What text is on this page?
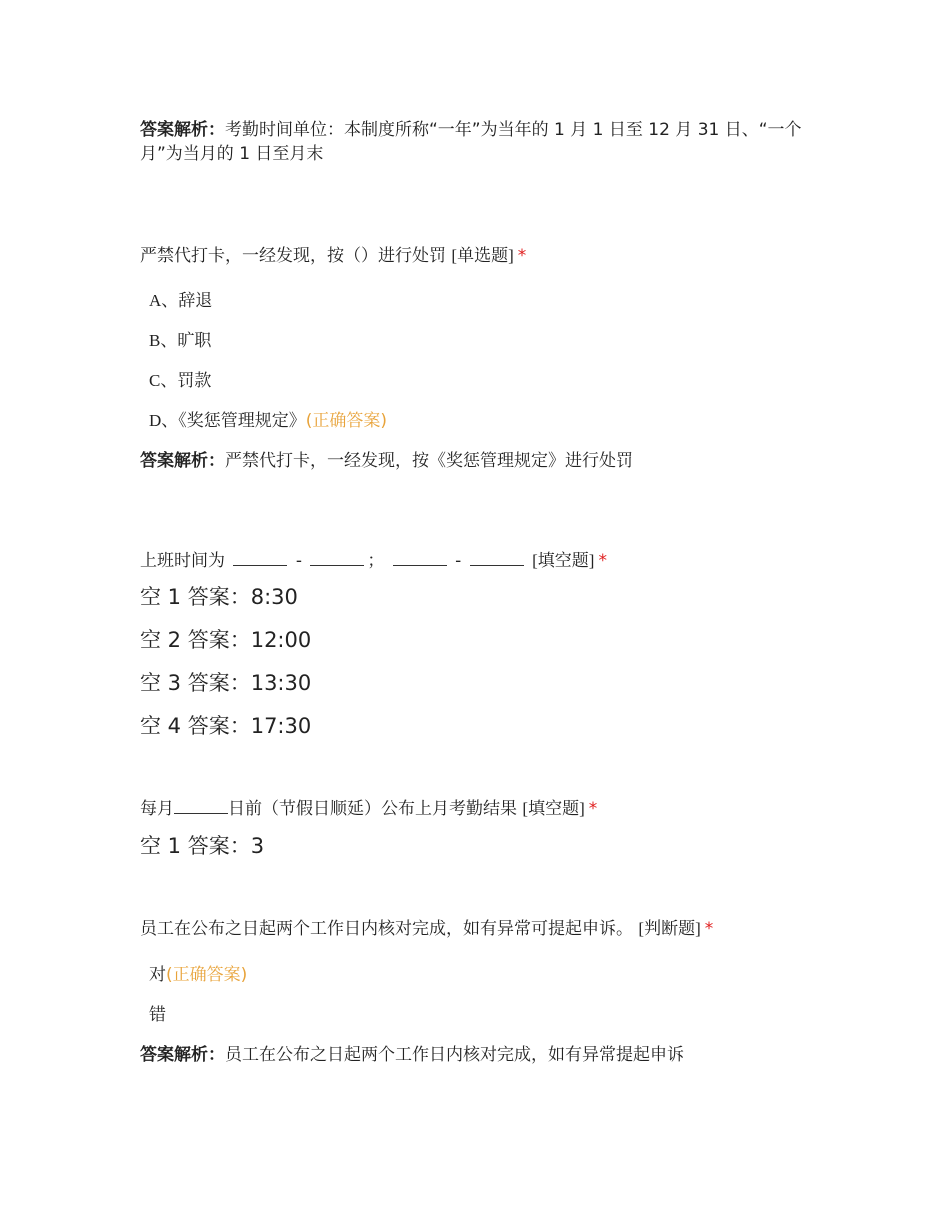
答案解析：考勤时间单位：本制度所称“一年”为当年的 1 月 1 日至 12 月 31 日、“一个月”为当月的 1 日至月末

严禁代打卡，一经发现，按（）进行处罚 [单选题] *

A、辞退

B、旷职

C、罚款

D、《奖惩管理规定》(正确答案)

答案解析：严禁代打卡，一经发现，按《奖惩管理规定》进行处罚

上班时间为	-	；	-	[填空题] *

空 1 答案：8:30

空 2 答案：12:00

空 3 答案：13:30

空 4 答案：17:30

每月	日前（节假日顺延）公布上月考勤结果 [填空题] *

空 1 答案：3

员工在公布之日起两个工作日内核对完成，如有异常可提起申诉。 [判断题] *

对(正确答案)

错

答案解析：员工在公布之日起两个工作日内核对完成，如有异常提起申诉
